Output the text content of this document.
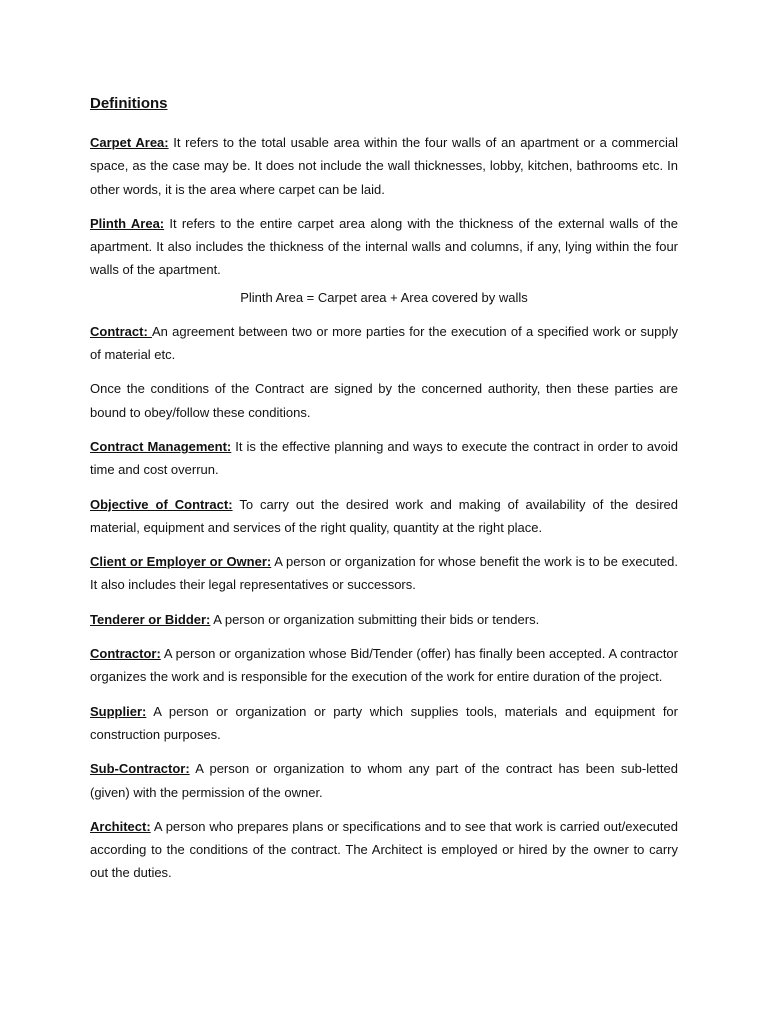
Definitions

Carpet Area: It refers to the total usable area within the four walls of an apartment or a commercial space, as the case may be. It does not include the wall thicknesses, lobby, kitchen, bathrooms etc. In other words, it is the area where carpet can be laid.

Plinth Area: It refers to the entire carpet area along with the thickness of the external walls of the apartment. It also includes the thickness of the internal walls and columns, if any, lying within the four walls of the apartment.

Plinth Area = Carpet area + Area covered by walls

Contract: An agreement between two or more parties for the execution of a specified work or supply of material etc.

Once the conditions of the Contract are signed by the concerned authority, then these parties are bound to obey/follow these conditions.

Contract Management: It is the effective planning and ways to execute the contract in order to avoid time and cost overrun.

Objective of Contract: To carry out the desired work and making of availability of the desired material, equipment and services of the right quality, quantity at the right place.

Client or Employer or Owner: A person or organization for whose benefit the work is to be executed. It also includes their legal representatives or successors.

Tenderer or Bidder: A person or organization submitting their bids or tenders.

Contractor: A person or organization whose Bid/Tender (offer) has finally been accepted. A contractor organizes the work and is responsible for the execution of the work for entire duration of the project.

Supplier: A person or organization or party which supplies tools, materials and equipment for construction purposes.

Sub-Contractor: A person or organization to whom any part of the contract has been sub-letted (given) with the permission of the owner.

Architect: A person who prepares plans or specifications and to see that work is carried out/executed according to the conditions of the contract. The Architect is employed or hired by the owner to carry out the duties.
